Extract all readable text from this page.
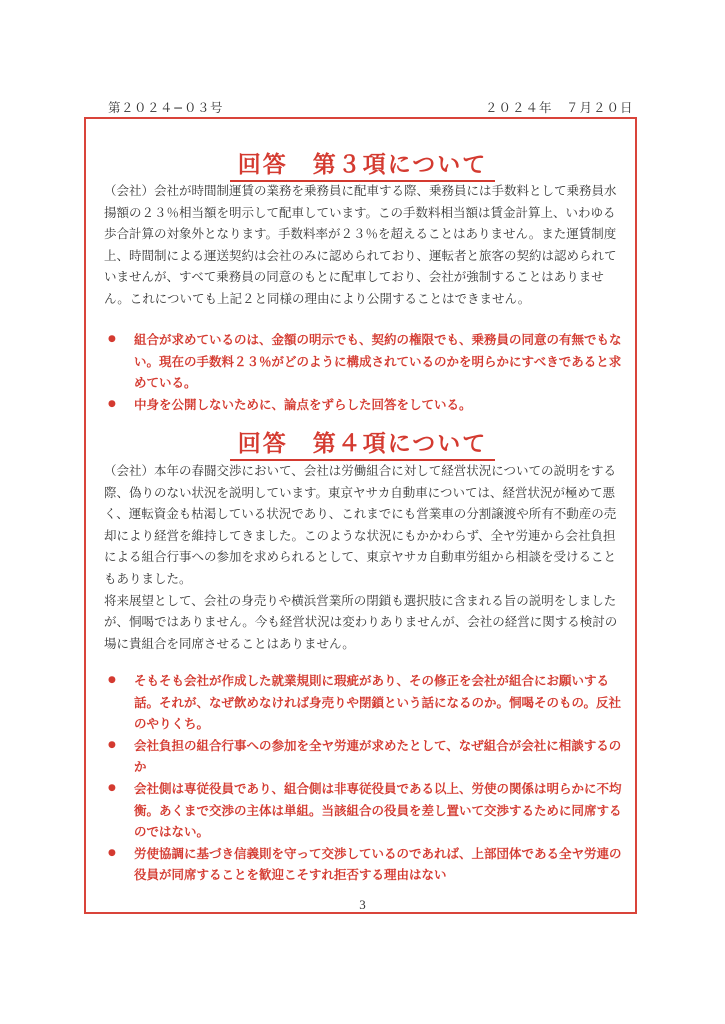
第２０２４−０３号	２０２４年　７月２０日
回答　第３項について
（会社）会社が時間制運賃の業務を乗務員に配車する際、乗務員には手数料として乗務員水揚額の２３％相当額を明示して配車しています。この手数料相当額は賃金計算上、いわゆる歩合計算の対象外となります。手数料率が２３％を超えることはありません。また運賃制度上、時間制による運送契約は会社のみに認められており、運転者と旅客の契約は認められていませんが、すべて乗務員の同意のもとに配車しており、会社が強制することはありません。これについても上記２と同様の理由により公開することはできません。
● 組合が求めているのは、金額の明示でも、契約の権限でも、乗務員の同意の有無でもない。現在の手数料２３％がどのように構成されているのかを明らかにすべきであると求めている。
● 中身を公開しないために、論点をずらした回答をしている。
回答　第４項について
（会社）本年の春闘交渉において、会社は労働組合に対して経営状況についての説明をする際、偽りのない状況を説明しています。東京ヤサカ自動車については、経営状況が極めて悪く、運転資金も枯渇している状況であり、これまでにも営業車の分割譲渡や所有不動産の売却により経営を維持してきました。このような状況にもかかわらず、全ヤ労連から会社負担による組合行事への参加を求められるとして、東京ヤサカ自動車労組から相談を受けることもありました。
将来展望として、会社の身売りや横浜営業所の閉鎖も選択肢に含まれる旨の説明をしましたが、恫喝ではありません。今も経営状況は変わりありませんが、会社の経営に関する検討の場に貴組合を同席させることはありません。
● そもそも会社が作成した就業規則に瑕疵があり、その修正を会社が組合にお願いする話。それが、なぜ飲めなければ身売りや閉鎖という話になるのか。恫喝そのもの。反社のやりくち。
● 会社負担の組合行事への参加を全ヤ労連が求めたとして、なぜ組合が会社に相談するのか
● 会社側は専従役員であり、組合側は非専従役員である以上、労使の関係は明らかに不均衡。あくまで交渉の主体は単組。当該組合の役員を差し置いて交渉するために同席するのではない。
● 労使協調に基づき信義則を守って交渉しているのであれば、上部団体である全ヤ労連の役員が同席することを歓迎こそすれ拒否する理由はない
3
